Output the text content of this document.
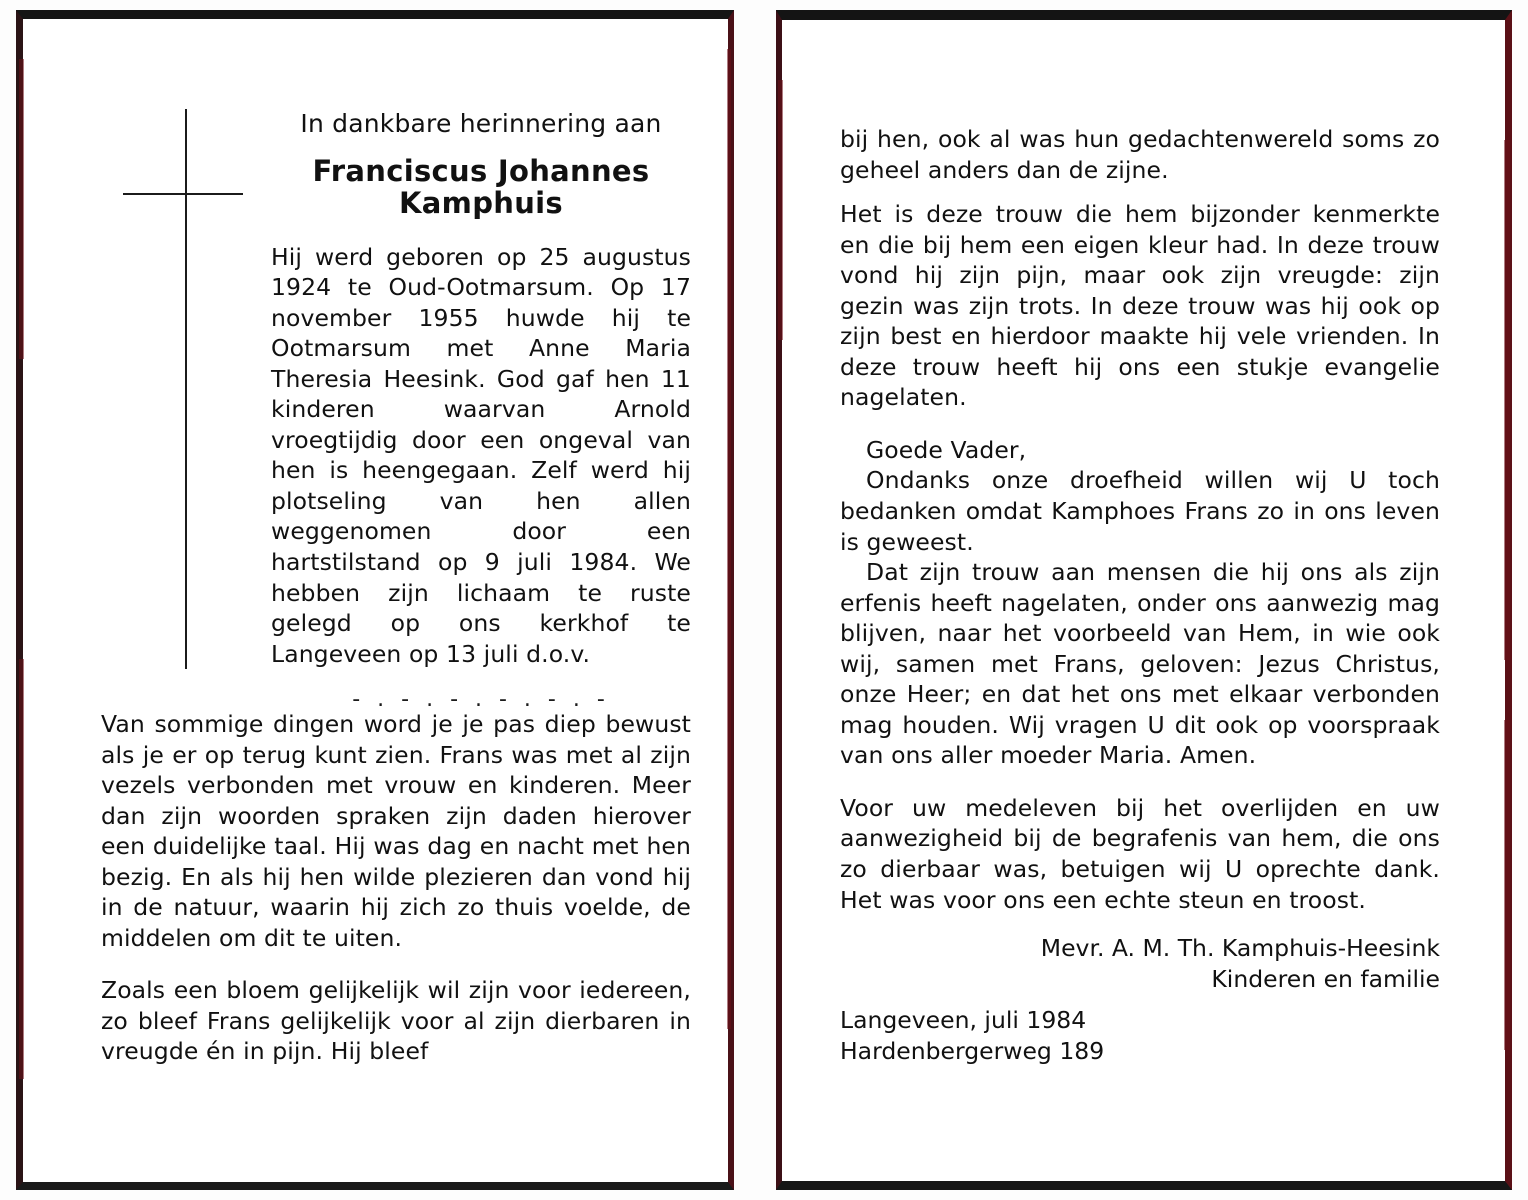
In dankbare herinnering aan
Franciscus Johannes
Kamphuis

Hij werd geboren op 25 augustus 1924 te Oud-Ootmarsum. Op 17 november 1955 huwde hij te Ootmarsum met Anne Maria Theresia Heesink. God gaf hen 11 kinderen waarvan Arnold vroegtijdig door een ongeval van hen is heengegaan. Zelf werd hij plotseling van hen allen weggenomen door een hartstilstand op 9 juli 1984. We hebben zijn lichaam te ruste gelegd op ons kerkhof te Langeveen op 13 juli d.o.v.

- . - . - . - . - . -

Van sommige dingen word je je pas diep bewust als je er op terug kunt zien. Frans was met al zijn vezels verbonden met vrouw en kinderen. Meer dan zijn woorden spraken zijn daden hierover een duidelijke taal. Hij was dag en nacht met hen bezig. En als hij hen wilde plezieren dan vond hij in de natuur, waarin hij zich zo thuis voelde, de middelen om dit te uiten.

Zoals een bloem gelijkelijk wil zijn voor iedereen, zo bleef Frans gelijkelijk voor al zijn dierbaren in vreugde én in pijn. Hij bleef

bij hen, ook al was hun gedachtenwereld soms zo geheel anders dan de zijne.

Het is deze trouw die hem bijzonder kenmerkte en die bij hem een eigen kleur had. In deze trouw vond hij zijn pijn, maar ook zijn vreugde: zijn gezin was zijn trots. In deze trouw was hij ook op zijn best en hierdoor maakte hij vele vrienden. In deze trouw heeft hij ons een stukje evangelie nagelaten.

Goede Vader,

Ondanks onze droefheid willen wij U toch bedanken omdat Kamphoes Frans zo in ons leven is geweest.

Dat zijn trouw aan mensen die hij ons als zijn erfenis heeft nagelaten, onder ons aanwezig mag blijven, naar het voorbeeld van Hem, in wie ook wij, samen met Frans, geloven: Jezus Christus, onze Heer; en dat het ons met elkaar verbonden mag houden. Wij vragen U dit ook op voorspraak van ons aller moeder Maria. Amen.

Voor uw medeleven bij het overlijden en uw aanwezigheid bij de begrafenis van hem, die ons zo dierbaar was, betuigen wij U oprechte dank. Het was voor ons een echte steun en troost.

Mevr. A. M. Th. Kamphuis-Heesink
Kinderen en familie
Langeveen, juli 1984
Hardenbergerweg 189
